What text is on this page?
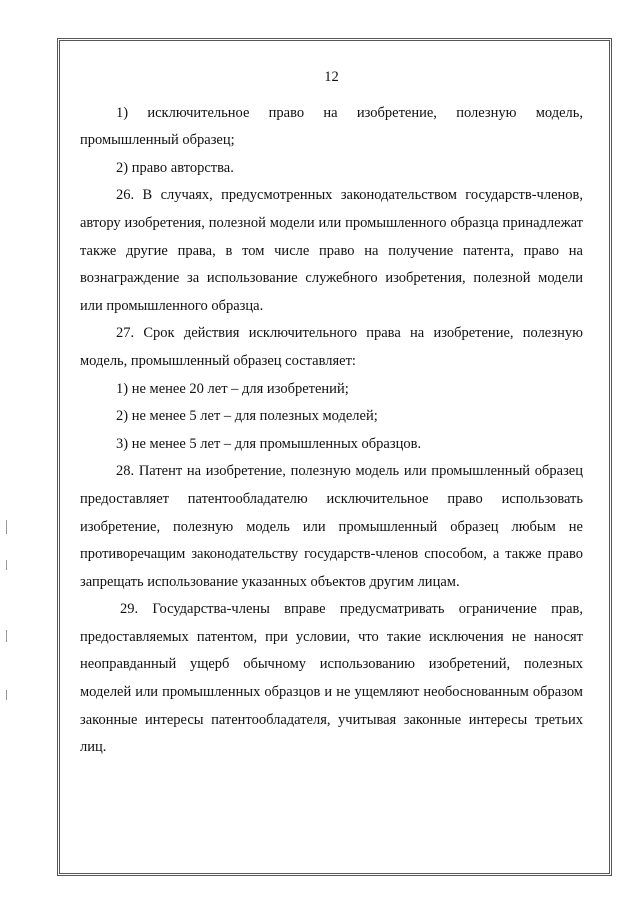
12

1) исключительное право на изобретение, полезную модель, промышленный образец;

2) право авторства.

26. В случаях, предусмотренных законодательством государств-членов, автору изобретения, полезной модели или промышленного образца принадлежат также другие права, в том числе право на получение патента, право на вознаграждение за использование служебного изобретения, полезной модели или промышленного образца.

27. Срок действия исключительного права на изобретение, полезную модель, промышленный образец составляет:

1) не менее 20 лет – для изобретений;

2) не менее 5 лет – для полезных моделей;

3) не менее 5 лет – для промышленных образцов.

28. Патент на изобретение, полезную модель или промышленный образец предоставляет патентообладателю исключительное право использовать изобретение, полезную модель или промышленный образец любым не противоречащим законодательству государств-членов способом, а также право запрещать использование указанных объектов другим лицам.

29. Государства-члены вправе предусматривать ограничение прав, предоставляемых патентом, при условии, что такие исключения не наносят неоправданный ущерб обычному использованию изобретений, полезных моделей или промышленных образцов и не ущемляют необоснованным образом законные интересы патентообладателя, учитывая законные интересы третьих лиц.
